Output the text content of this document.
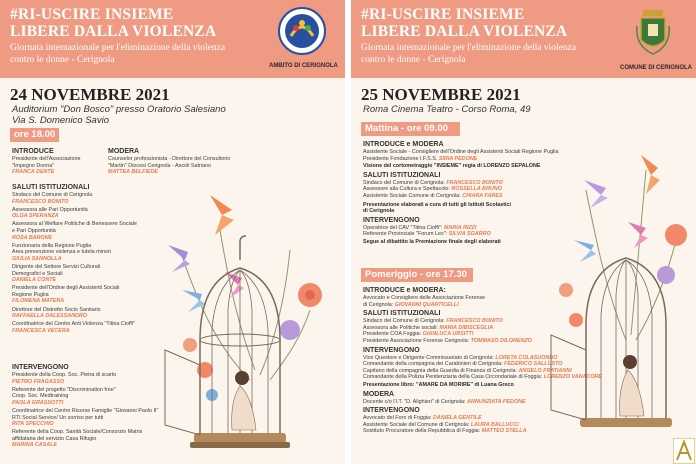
#RI-USCIRE INSIEME
LIBERE DALLA VIOLENZA
Giornata internazionale per l'eliminazione della violenza
contro le donne - Cerignola
AMBITO DI CERIGNOLA
24 NOVEMBRE 2021
Auditorium "Don Bosco" presso Oratorio Salesiano
Via S. Domenico Savio
ore 18.00
INTRODUCE
Presidente dell'Associazione
"Impegno Donna"
FRANCA DENTE
MODERA
Counselor professionista - Direttore del Consultorio
"Martin" Diocesi Cerignola - Ascoli Satriano
MATTEA BELFIEDE
SALUTI ISTITUZIONALI
Sindaco del Comune di Cerignola
FRANCESCO BONITO
Assessora alle Pari Opportunità
OLGA SPERANZA
Assessora al Welfare Politiche di Benessere Sociale
e Pari Opportunità
ROSA BARONE
Funzionaria della Regione Puglia
Area prevenzione violenza e tutela minori
GIULIA SANNOLLA
Dirigente del Settore Servizi Culturali
Demografici e Sociali
DANIELA CONTE
Presidente dell'Ordine degli Assistenti Sociali
Regione Puglia
FILOMENA MATERA
Direttore del Distretto Socio Sanitario
RAFFAELLA DALESSANDRO
Coordinatrice del Centro Anti Violenza "Titina Cioffi"
FRANCESCA VECERA
INTERVENGONO
Presidente della Coop. Soc. Pietra di scarto
PIETRO FRAGASSO
Referente del progetto "Discrimination free"
Coop. Soc. Medtraining
PAOLA GRASSOTTI
Coordinatrice del Centro Risorse Famiglie "Giovanni Paolo II"
RTI Social Service/ Un sorriso per tutti
RITA SPECCHIO
Referente della Coop. Sanità Sociale/Consorzio Matrix
affidataria del servizio Casa Rifugio
MARINA CASALE
#RI-USCIRE INSIEME
LIBERE DALLA VIOLENZA
Giornata internazionale per l'eliminazione della violenza
contro le donne - Cerignola
COMUNE DI CERIGNOLA
25 NOVEMBRE 2021
Roma Cinema Teatro - Corso Roma, 49
Mattina - ore 09.00
INTRODUCE e MODERA
Assistente Sociale - Consigliere dell'Ordine degli Assistenti Sociali Regione Puglia
Presidente Fondazione I.F.S.S. SIRIA PEDONE
Visione del cortometraggio "INSIEME" regia di LORENZO SEPALONE
SALUTI ISTITUZIONALI
Sindaco del Comune di Cerignola: FRANCESCO BONITO
Assessore alla Cultura e Spettacolo: ROSSELLA BRUNO
Assistente Sociale Comune di Cerignola: CHIARA FARES
Presentazione elaborati a cura di tutti gli Istituti Scolastici
di Cerignola
INTERVENGONO
Operatrice del CAV "Titina Cioffi": MARIA RIZZI
Referente Provinciale "Forum Lex": SILVIA SGARRO
Segue al dibattito la Premiazione finale degli elaborati
Pomeriggio - ore 17.30
INTRODUCE e MODERA:
Avvocato e Consigliere delle Associazione Forense
di Cerignola: GIOVANNI QUARTICELLI
SALUTI ISTITUZIONALI
Sindaco del Comune di Cerignola: FRANCESCO BONITO
Assessora alle Politiche sociali: MARIA DIBISCEGLIA
Presidente COA Foggia: GIANLUCA URSITTI
Presidente Associazione Forense Cerignola: TOMMASO DILORENZO
INTERVENGONO
Vice Questore e Dirigente Commissariato di Cerignola: LORETA COLASUONNO
Comandante della compagnia dei Carabinieri di Cerignola: FEDERICO SALLUSTO
Capitano della compagnia della Guardia di Finanza di Cerignola: ANGELO FRATIANNI
Comandante della Polizia Penitenziaria della Casa Circondariale di Foggia: LORENZO VANACORE
Presentazione libro: "AMARE DA MORIRE" di Luana Greco
MODERA
Docente c/o l'I.T. "D. Alighieri" di Cerignola: ANNUNZIATA PEDONE
INTERVENGONO
Avvocato del Foro di Foggia: DANIELA GENTILE
Assistente Sociale del Comune di Cerignola: LAURA BALLUCCI
Sostituto Procuratore della Repubblica di Foggia: MATTEO STELLA
